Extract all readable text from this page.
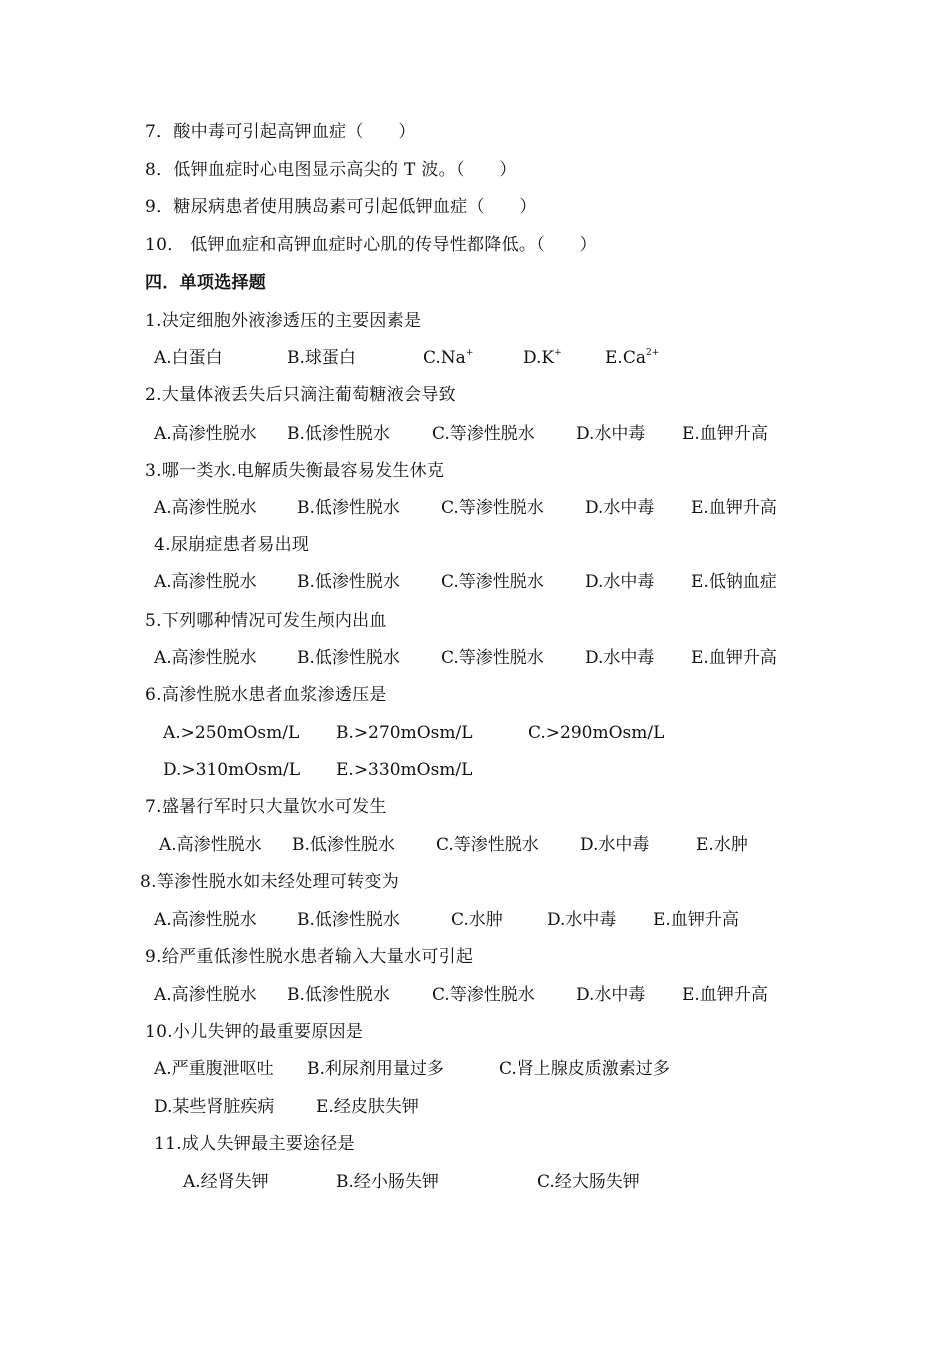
7．酸中毒可引起高钾血症（　　）
8．低钾血症时心电图显示高尖的 T 波。（　　）
9．糖尿病患者使用胰岛素可引起低钾血症（　　）
10． 低钾血症和高钾血症时心肌的传导性都降低。（　　）
四．单项选择题
1.决定细胞外液渗透压的主要因素是
A.白蛋白	B.球蛋白	C.Na+	D.K+	$E.Ca^{2+}$
2.大量体液丢失后只滴注葡萄糖液会导致
A.高渗性脱水 B.低渗性脱水 C.等渗性脱水 D.水中毒 E.血钾升高
3.哪一类水.电解质失衡最容易发生休克
A.高渗性脱水 B.低渗性脱水 C.等渗性脱水 D.水中毒 E.血钾升高
4.尿崩症患者易出现
A.高渗性脱水 B.低渗性脱水 C.等渗性脱水 D.水中毒 E.低钠血症
5.下列哪种情况可发生颅内出血
A.高渗性脱水 B.低渗性脱水 C.等渗性脱水 D.水中毒 E.血钾升高
6.高渗性脱水患者血浆渗透压是
A.>250mOsm/L B.>270mOsm/L	C.>290mOsm/L
D.>310mOsm/L E.>330mOsm/L
7.盛暑行军时只大量饮水可发生
A.高渗性脱水 B.低渗性脱水 C.等渗性脱水 D.水中毒	E.水肿
8.等渗性脱水如未经处理可转变为
A.高渗性脱水 B.低渗性脱水	C.水肿	D.水中毒 E.血钾升高
9.给严重低渗性脱水患者输入大量水可引起
A.高渗性脱水 B.低渗性脱水 C.等渗性脱水 D.水中毒 E.血钾升高
10.小儿失钾的最重要原因是
A.严重腹泄呕吐 B.利尿剂用量过多	C.肾上腺皮质激素过多
D.某些肾脏疾病 E.经皮肤失钾
11.成人失钾最主要途径是
A.经肾失钾	B.经小肠失钾	C.经大肠失钾
